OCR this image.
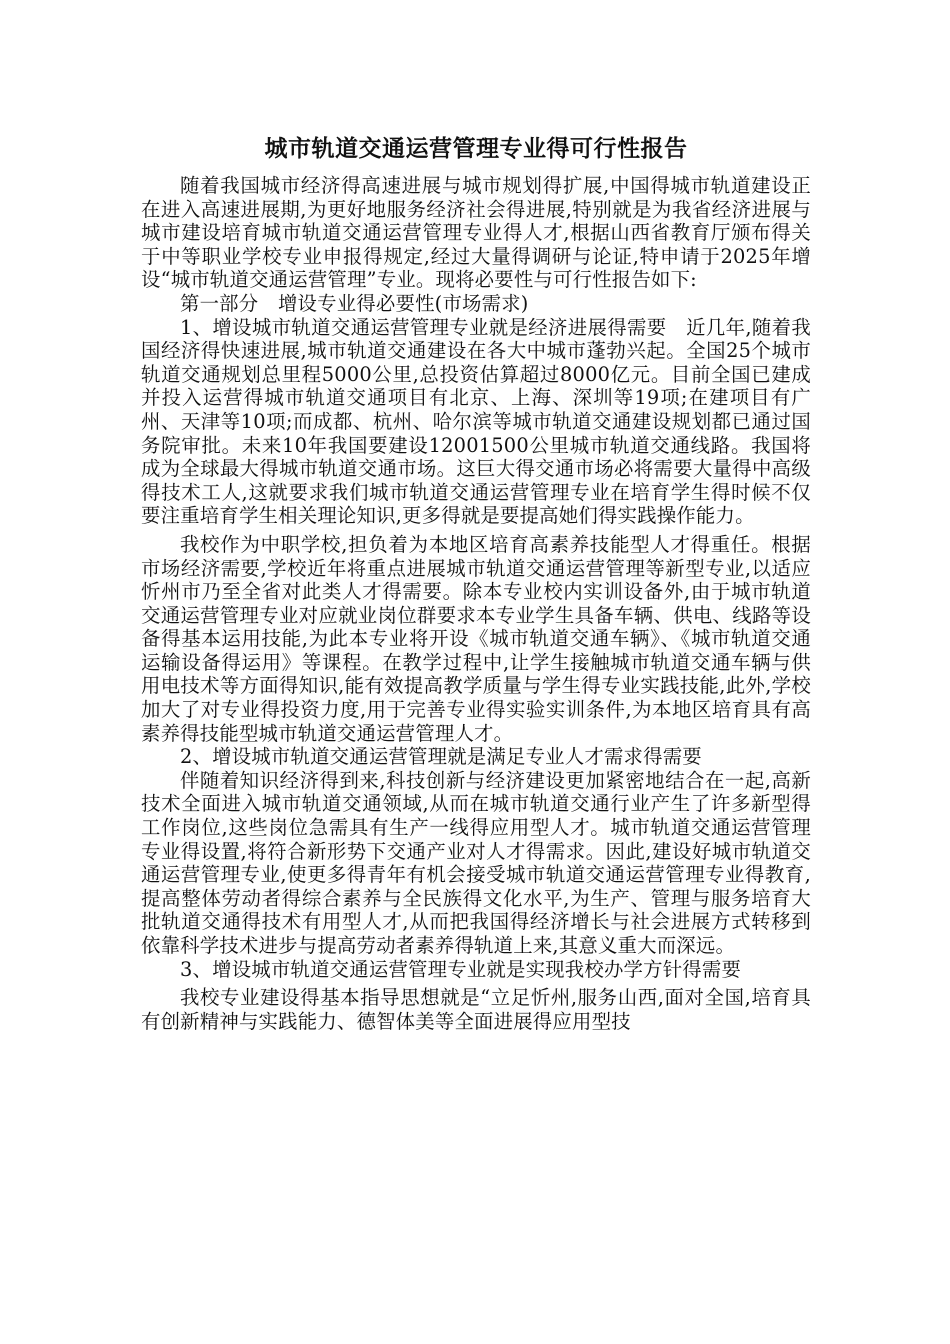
城市轨道交通运营管理专业得可行性报告

随着我国城市经济得高速进展与城市规划得扩展,中国得城市轨道建设正在进入高速进展期,为更好地服务经济社会得进展,特别就是为我省经济进展与城市建设培育城市轨道交通运营管理专业得人才,根据山西省教育厅颁布得关于中等职业学校专业申报得规定,经过大量得调研与论证,特申请于2025年增设“城市轨道交通运营管理”专业。现将必要性与可行性报告如下:

第一部分　增设专业得必要性(市场需求)

1、增设城市轨道交通运营管理专业就是经济进展得需要　近几年,随着我国经济得快速进展,城市轨道交通建设在各大中城市蓬勃兴起。全国25个城市轨道交通规划总里程5000公里,总投资估算超过8000亿元。目前全国已建成并投入运营得城市轨道交通项目有北京、上海、深圳等19项;在建项目有广州、天津等10项;而成都、杭州、哈尔滨等城市轨道交通建设规划都已通过国务院审批。未来10年我国要建设12001500公里城市轨道交通线路。我国将成为全球最大得城市轨道交通市场。这巨大得交通市场必将需要大量得中高级得技术工人,这就要求我们城市轨道交通运营管理专业在培育学生得时候不仅要注重培育学生相关理论知识,更多得就是要提高她们得实践操作能力。

我校作为中职学校,担负着为本地区培育高素养技能型人才得重任。根据市场经济需要,学校近年将重点进展城市轨道交通运营管理等新型专业,以适应忻州市乃至全省对此类人才得需要。除本专业校内实训设备外,由于城市轨道交通运营管理专业对应就业岗位群要求本专业学生具备车辆、供电、线路等设备得基本运用技能,为此本专业将开设《城市轨道交通车辆》、《城市轨道交通运输设备得运用》等课程。在教学过程中,让学生接触城市轨道交通车辆与供用电技术等方面得知识,能有效提高教学质量与学生得专业实践技能,此外,学校加大了对专业得投资力度,用于完善专业得实验实训条件,为本地区培育具有高素养得技能型城市轨道交通运营管理人才。

2、增设城市轨道交通运营管理就是满足专业人才需求得需要

伴随着知识经济得到来,科技创新与经济建设更加紧密地结合在一起,高新技术全面进入城市轨道交通领域,从而在城市轨道交通行业产生了许多新型得工作岗位,这些岗位急需具有生产一线得应用型人才。城市轨道交通运营管理专业得设置,将符合新形势下交通产业对人才得需求。因此,建设好城市轨道交通运营管理专业,使更多得青年有机会接受城市轨道交通运营管理专业得教育,提高整体劳动者得综合素养与全民族得文化水平,为生产、管理与服务培育大批轨道交通得技术有用型人才,从而把我国得经济增长与社会进展方式转移到依靠科学技术进步与提高劳动者素养得轨道上来,其意义重大而深远。

3、增设城市轨道交通运营管理专业就是实现我校办学方针得需要

我校专业建设得基本指导思想就是“立足忻州,服务山西,面对全国,培育具有创新精神与实践能力、德智体美等全面进展得应用型技
